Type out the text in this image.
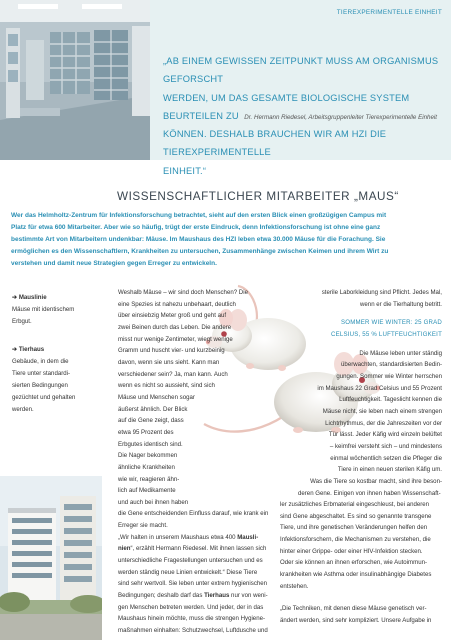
TIEREXPERIMENTELLE EINHEIT
„AB EINEM GEWISSEN ZEITPUNKT MUSS AM ORGANISMUS GEFORSCHT
WERDEN, UM DAS GESAMTE BIOLOGISCHE SYSTEM BEURTEILEN ZU
KÖNNEN. DESHALB BRAUCHEN WIR AM HZI DIE TIEREXPERIMENTELLE
EINHEIT.“
Dr. Hermann Riedesel, Arbeitsgruppenleiter Tierexperimentelle Einheit
WISSENSCHAFTLICHER MITARBEITER „MAUS“
Wer das Helmholtz-Zentrum für Infektionsforschung betrachtet, sieht auf den ersten Blick einen großzügigen Campus mit
Platz für etwa 600 Mitarbeiter. Aber wie so häufig, trügt der erste Eindruck, denn Infektionsforschung ist ohne eine ganz
bestimmte Art von Mitarbeitern undenkbar: Mäuse. Im Maushaus des HZI leben etwa 30.000 Mäuse für die Forachung. Sie
ermöglichen es den Wissenschaftlern, Krankheiten zu untersuchen, Zusammenhänge zwischen Keimen und ihrem Wirt zu
verstehen und damit neue Strategien gegen Erreger zu entwickeln.
➔ Mauslinie
Mäuse mit identischem
Erbgut.
➔ Tierhaus
Gebäude, in dem die
Tiere unter standardi-
sierten Bedingungen
gezüchtet und gehalten
werden.
Weshalb Mäuse – wir sind doch Menschen? Die
eine Spezies ist nahezu unbehaart, deutlich
über einsiebzig Meter groß und geht auf
zwei Beinen durch das Leben. Die andere
misst nur wenige Zentimeter, wiegt wenige
Gramm und huscht vier- und kurzbeinig
davon, wenn sie uns sieht. Kann man
verschiedener sein? Ja, man kann. Auch
wenn es nicht so aussieht, sind sich
Mäuse und Menschen sogar
äußerst ähnlich. Der Blick
auf die Gene zeigt, dass
etwa 95 Prozent des
Erbgutes identisch sind.
Die Nager bekommen
ähnliche Krankheiten
wie wir, reagieren ähn-
lich auf Medikamente
und auch bei ihnen haben
die Gene entscheidenden Einfluss darauf, wie krank ein
Erreger sie macht.
„Wir halten in unserem Maushaus etwa 400 Mausli-
nien“, erzählt Hermann Riedesel. Mit ihnen lassen sich
unterschiedliche Fragestellungen untersuchen und es
werden ständig neue Linien entwickelt.“ Diese Tiere
sind sehr wertvoll. Sie leben unter extrem hygienischen
Bedingungen; deshalb darf das Tierhaus nur von weni-
gen Menschen betreten werden. Und jeder, der in das
Maushaus hinein möchte, muss die strengen Hygiene-
maßnahmen einhalten: Schutzwechsel, Luftdusche und
sterile Laborkleidung sind Pflicht. Jedes Mal,
wenn er die Tierhaltung betritt.
SOMMER WIE WINTER: 25 GRAD
CELSIUS, 55 % LUFTFEUCHTIGKEIT
Die Mäuse leben unter ständig
überwachten, standardisierten Bedin-
gungen. Sommer wie Winter herrschen
im Maushaus 22 Grad Celsius und 55 Prozent
Luftfeuchtigkeit. Tageslicht kennen die
Mäuse nicht, sie leben nach einem strengen
Lichtrhythmus, der die Jahreszeiten vor der
Tür lässt. Jeder Käfig wird einzeln belüftet
– keimfrei versteht sich – und mindestens
einmal wöchentlich setzen die Pfleger die
Tiere in einen neuen sterilen Käfig um.
Was die Tiere so kostbar macht, sind ihre beson-
deren Gene. Einigen von ihnen haben Wissenschaft-
ler zusätzliches Erbmaterial eingeschleust, bei anderen
sind Gene abgeschaltet. Es sind so genannte transgene
Tiere, und ihre genetischen Veränderungen helfen den
Infektionsforschern, die Mechanismen zu verstehen, die
hinter einer Grippe- oder einer HIV-Infektion stecken.
Oder sie können an ihnen erforschen, wie Autoimmun-
krankheiten wie Asthma oder insulinabhängige Diabetes
entstehen.
„Die Techniken, mit denen diese Mäuse genetisch ver-
ändert werden, sind sehr kompliziert. Unsere Aufgabe in
